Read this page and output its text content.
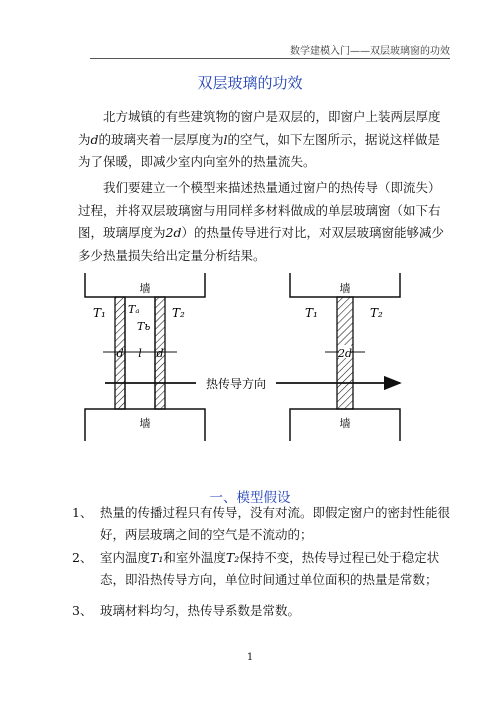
数学建模入门——双层玻璃窗的功效
双层玻璃的功效

北方城镇的有些建筑物的窗户是双层的，即窗户上装两层厚度为d的玻璃夹着一层厚度为l的空气，如下左图所示，据说这样做是为了保暖，即减少室内向室外的热量流失。

我们要建立一个模型来描述热量通过窗户的热传导（即流失）过程，并将双层玻璃窗与用同样多材料做成的单层玻璃窗（如下右图，玻璃厚度为2d）的热量传导进行对比，对双层玻璃窗能够减少多少热量损失给出定量分析结果。

墙
墙
T₁ Tₐ
Tь
T₂
d l d
热传导方向
墙
墙
T₁	T₂
2d
一、模型假设
1、 热量的传播过程只有传导，没有对流。即假定窗户的密封性能很好，两层玻璃之间的空气是不流动的；
2、 室内温度T₁和室外温度T₂保持不变，热传导过程已处于稳定状态，即沿热传导方向，单位时间通过单位面积的热量是常数；
3、 玻璃材料均匀，热传导系数是常数。
1
